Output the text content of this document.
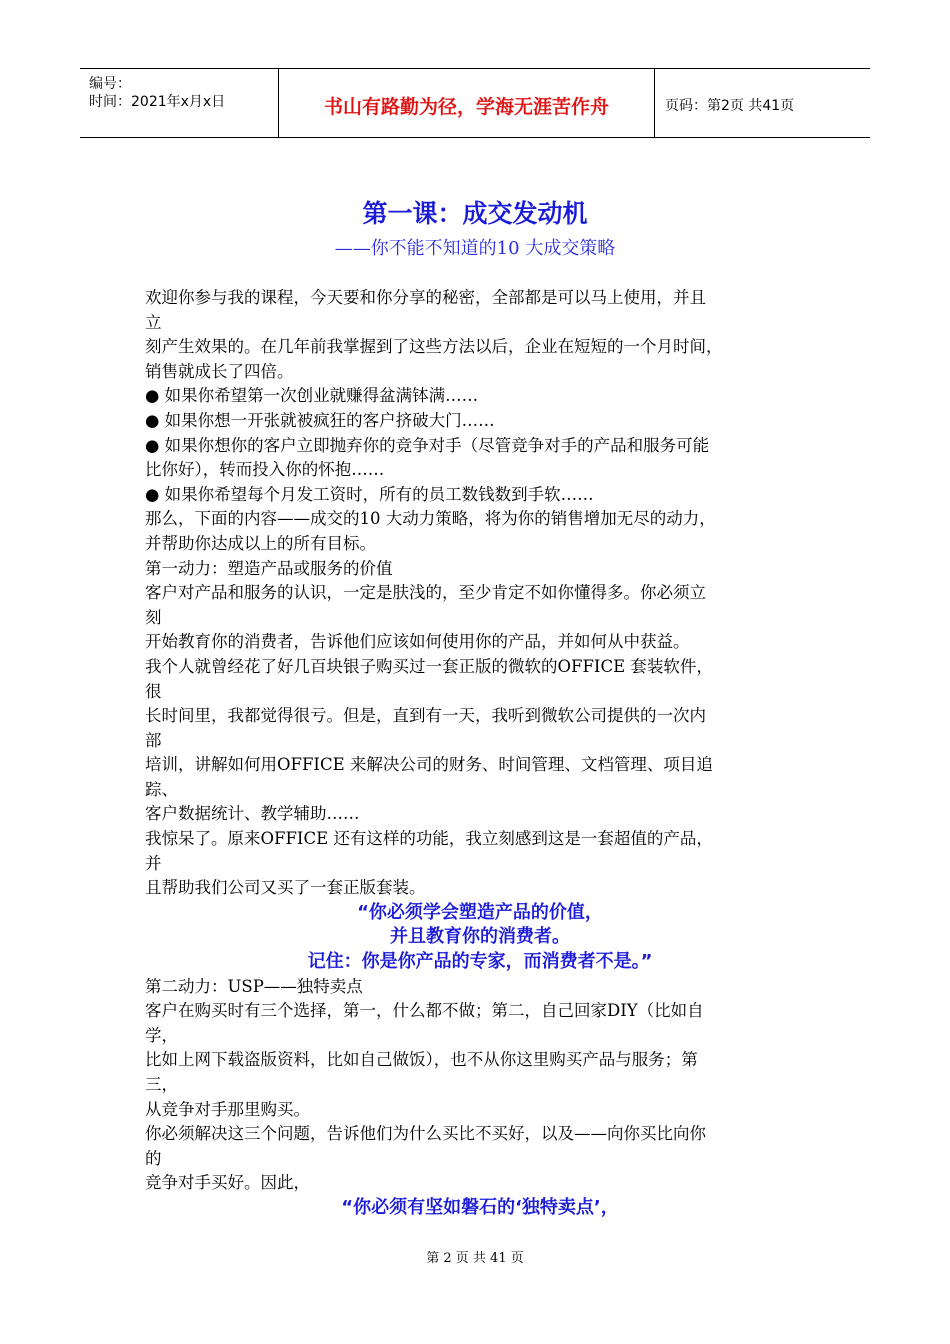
编号：
时间：2021年x月x日	书山有路勤为径，学海无涯苦作舟	页码：第2页 共41页
第一课：成交发动机
——你不能不知道的10 大成交策略
欢迎你参与我的课程，今天要和你分享的秘密，全部都是可以马上使用，并且
立
刻产生效果的。在几年前我掌握到了这些方法以后，企业在短短的一个月时间，
销售就成长了四倍。
● 如果你希望第一次创业就赚得盆满钵满……
● 如果你想一开张就被疯狂的客户挤破大门……
● 如果你想你的客户立即抛弃你的竞争对手（尽管竞争对手的产品和服务可能
比你好），转而投入你的怀抱……
● 如果你希望每个月发工资时，所有的员工数钱数到手软……
那么，下面的内容——成交的10 大动力策略，将为你的销售增加无尽的动力，
并帮助你达成以上的所有目标。
第一动力：塑造产品或服务的价值
客户对产品和服务的认识，一定是肤浅的，至少肯定不如你懂得多。你必须立
刻
开始教育你的消费者，告诉他们应该如何使用你的产品，并如何从中获益。
我个人就曾经花了好几百块银子购买过一套正版的微软的OFFICE 套装软件，
很
长时间里，我都觉得很亏。但是，直到有一天，我听到微软公司提供的一次内
部
培训，讲解如何用OFFICE 来解决公司的财务、时间管理、文档管理、项目追
踪、
客户数据统计、教学辅助……
我惊呆了。原来OFFICE 还有这样的功能，我立刻感到这是一套超值的产品，
并
且帮助我们公司又买了一套正版套装。
“你必须学会塑造产品的价值，
并且教育你的消费者。
记住：你是你产品的专家，而消费者不是。”
第二动力：USP——独特卖点
客户在购买时有三个选择，第一，什么都不做；第二，自己回家DIY（比如自
学，
比如上网下载盗版资料，比如自己做饭），也不从你这里购买产品与服务；第
三，
从竞争对手那里购买。
你必须解决这三个问题，告诉他们为什么买比不买好，以及——向你买比向你
的
竞争对手买好。因此，
“你必须有坚如磐石的‘独特卖点’，
第 2 页 共 41 页
